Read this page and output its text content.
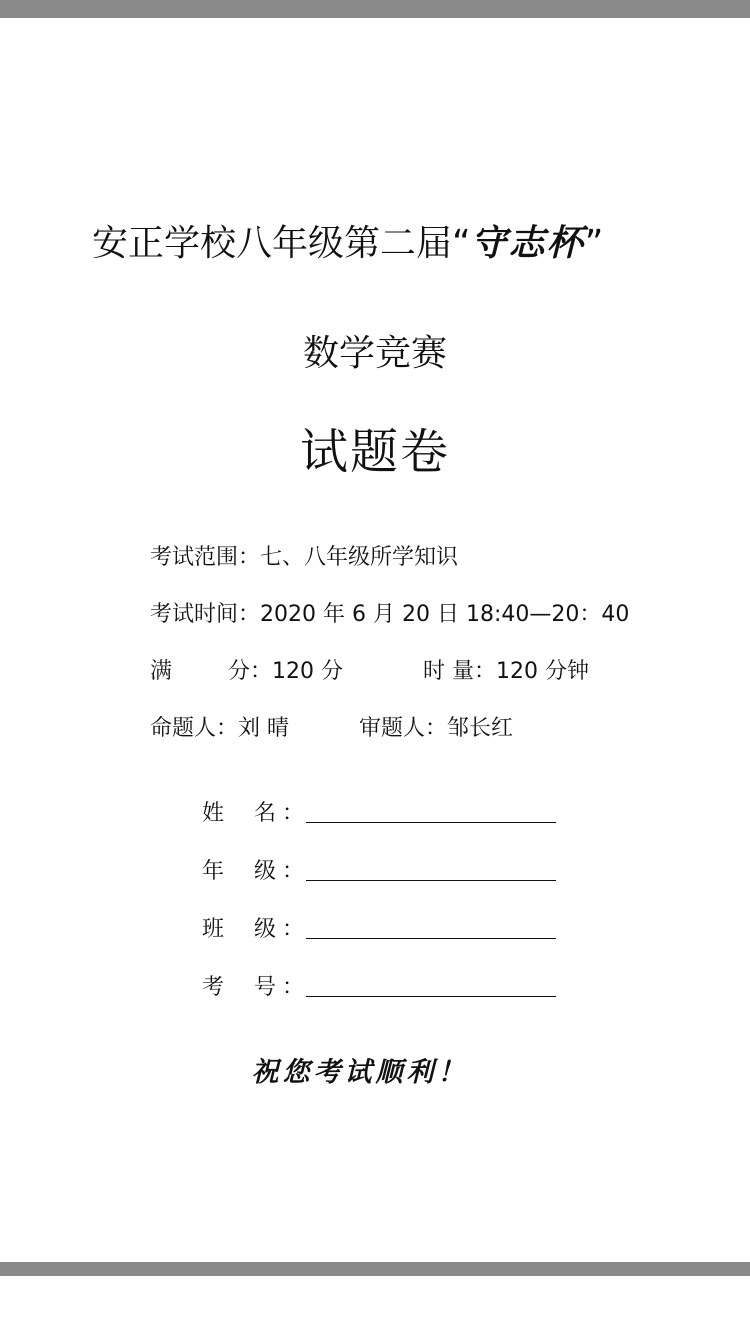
安正学校八年级第二届“守志杯”
数学竞赛
试题卷
考试范围：七、八年级所学知识
考试时间：2020 年 6 月 20 日 18:40—20：40
满	分：120 分	时 量：120 分钟
命题人：刘 晴	审题人：邹长红
姓 名 ：
年 级 ：
班 级 ：
考 号 ：
祝您考试顺利！
